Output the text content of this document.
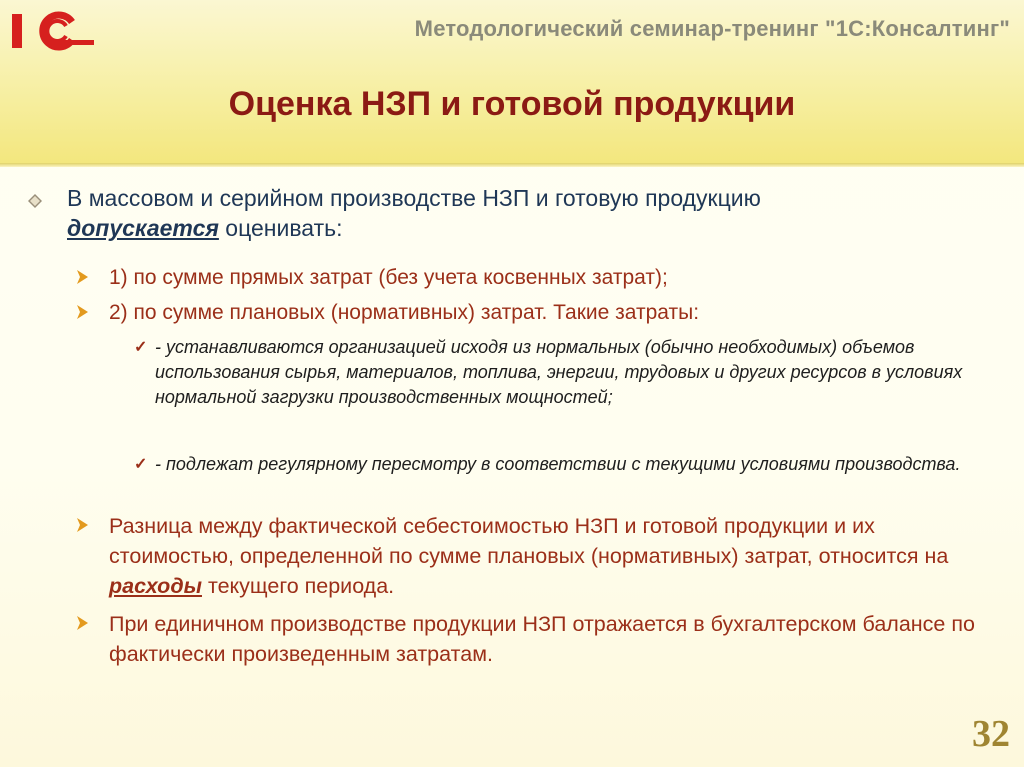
Методологический семинар-тренинг "1С:Консалтинг"
Оценка НЗП и готовой продукции
В массовом и серийном производстве НЗП и готовую продукцию
допускается оценивать:
1) по сумме прямых затрат (без учета косвенных затрат);
2) по сумме плановых (нормативных) затрат. Такие затраты:
✓ - устанавливаются организацией исходя из нормальных (обычно необходимых) объемов использования сырья, материалов, топлива, энергии, трудовых и других ресурсов в условиях нормальной загрузки производственных мощностей;
✓ - подлежат регулярному пересмотру в соответствии с текущими условиями производства.
Разница между фактической себестоимостью НЗП и готовой продукции и их стоимостью, определенной по сумме плановых (нормативных) затрат, относится на расходы текущего периода.
При единичном производстве продукции НЗП отражается в бухгалтерском балансе по фактически произведенным затратам.
32
